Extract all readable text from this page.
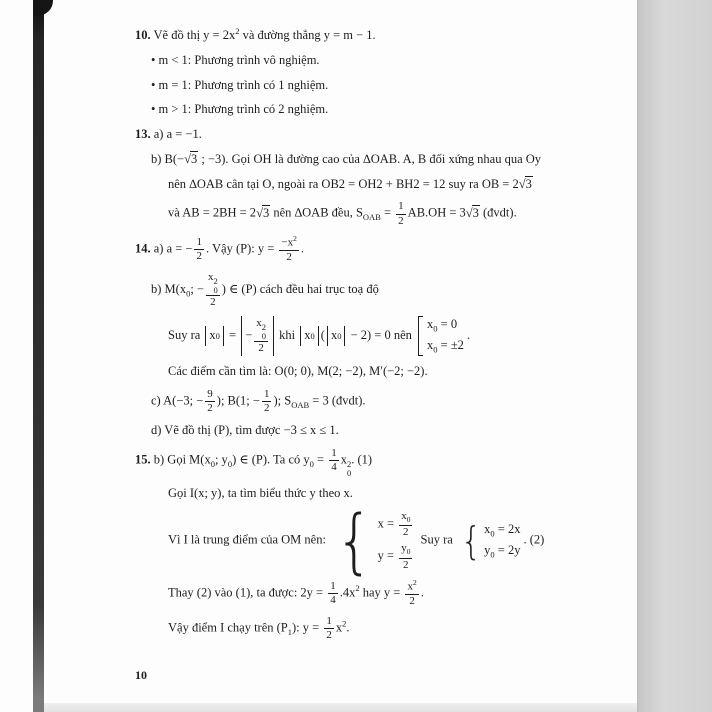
10. Vẽ đồ thị $y = 2x^2$ và đường thẳng y = m − 1.
• m < 1: Phương trình vô nghiệm.
• m = 1: Phương trình có 1 nghiệm.
• m > 1: Phương trình có 2 nghiệm.
13. a) a = −1.
b) B(−√3 ; −3). Gọi OH là đường cao của ∆OAB. A, B đối xứng nhau qua Oy
nên ∆OAB cân tại O, ngoài ra OB2 = OH2 + BH2 = 12 suy ra OB = 2√3
và AB = 2BH = 2√3 nên ∆OAB đều, $S_{OAB} = \frac{1}{2} AB.OH = 3√3$ (đvdt).
14. a) a = − $\frac{1}{2}$ . Vậy (P): $y = \frac{-x^2}{2}$ .
b) $M(x_0$; − x 2
0
2 ) ∈ (P) cách đều hai trục toạ độ
Suy ra x 0 = − x 2
0
2 khi x 0 ( x 0 − 2) = 0 nên
$x_0 = 0$
$x_0 = \pm 2$
.
Các điểm cần tìm là: O(0; 0), M(2; −2), M′(−2; −2).
c) A(−3; − $\frac{9}{2}$ ); B(1; − $\frac{1}{2}$ ); $S_{OAB} = 3$ (đvdt).
d) Vẽ đồ thị (P), tìm được −3 ≤ x ≤ 1.
15. b) Gọi $M(x_0$; $y_0$) ∈ (P). Ta có $y_0 = \frac{1}{4}$ x 2
0
. (1)
Gọi I(x; y), ta tìm biểu thức y theo x.
Vì I là trung điểm của OM nên: { $x = \frac{x_0}{2}$
$y = \frac{y_0}{2}$
Suy ra { $x_0 = 2x$
$y_0 = 2y$
. (2)
Thay (2) vào (1), ta được: $2y = \frac{1}{4} .4x^2$ hay $y = \frac{x^2}{2}$ .
Vậy điểm I chạy trên $(P_1)$: $y = \frac{1}{2} x^2$.
10
